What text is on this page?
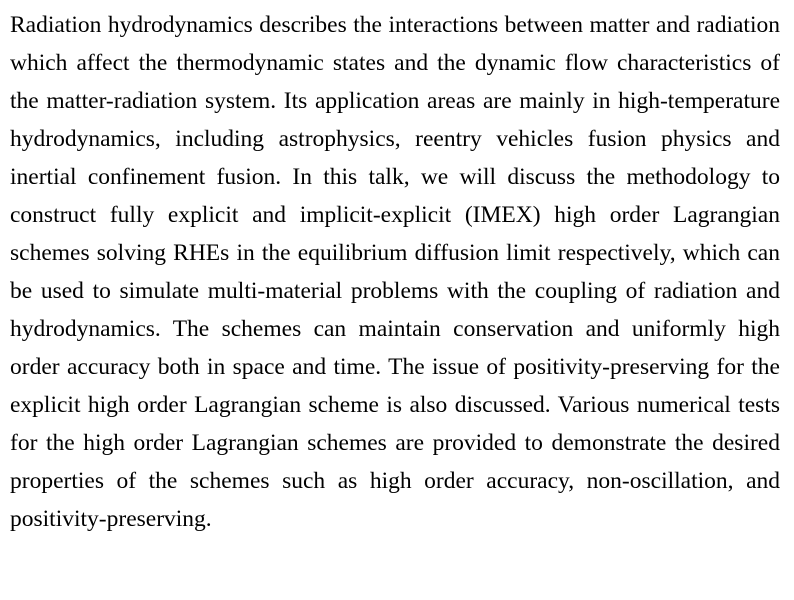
Radiation hydrodynamics describes the interactions between matter and radiation which affect the thermodynamic states and the dynamic flow characteristics of the matter-radiation system. Its application areas are mainly in high-temperature hydrodynamics, including astrophysics, reentry vehicles fusion physics and inertial confinement fusion. In this talk, we will discuss the methodology to construct fully explicit and implicit-explicit (IMEX) high order Lagrangian schemes solving RHEs in the equilibrium diffusion limit respectively, which can be used to simulate multi-material problems with the coupling of radiation and hydrodynamics. The schemes can maintain conservation and uniformly high order accuracy both in space and time. The issue of positivity-preserving for the explicit high order Lagrangian scheme is also discussed. Various numerical tests for the high order Lagrangian schemes are provided to demonstrate the desired properties of the schemes such as high order accuracy, non-oscillation, and positivity-preserving.
